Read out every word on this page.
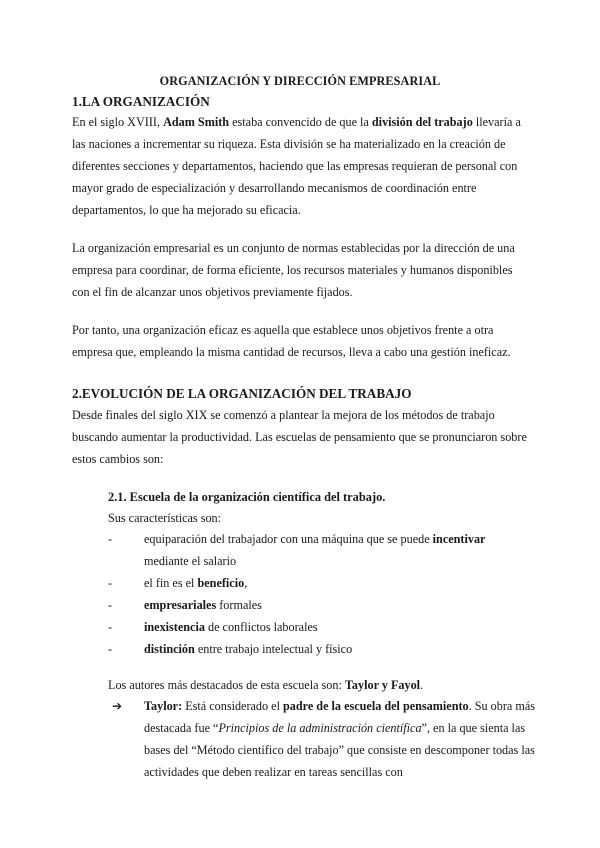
ORGANIZACIÓN Y DIRECCIÓN EMPRESARIAL
1.LA ORGANIZACIÓN

En el siglo XVIII, Adam Smith estaba convencido de que la división del trabajo llevaría a las naciones a incrementar su riqueza. Esta división se ha materializado en la creación de diferentes secciones y departamentos, haciendo que las empresas requieran de personal con mayor grado de especialización y desarrollando mecanismos de coordinación entre departamentos, lo que ha mejorado su eficacia.

La organización empresarial es un conjunto de normas establecidas por la dirección de una empresa para coordinar, de forma eficiente, los recursos materiales y humanos disponibles con el fin de alcanzar unos objetivos previamente fijados.

Por tanto, una organización eficaz es aquella que establece unos objetivos frente a otra empresa que, empleando la misma cantidad de recursos, lleva a cabo una gestión ineficaz.

2.EVOLUCIÓN DE LA ORGANIZACIÓN DEL TRABAJO

Desde finales del siglo XIX se comenzó a plantear la mejora de los métodos de trabajo buscando aumentar la productividad. Las escuelas de pensamiento que se pronunciaron sobre estos cambios son:

2.1. Escuela de la organización científica del trabajo.

Sus características son:

-	equiparación del trabajador con una máquina que se puede incentivar mediante el salario
-	el fin es el beneficio,
-	empresariales formales
-	inexistencia de conflictos laborales
-	distinción entre trabajo intelectual y físico

Los autores más destacados de esta escuela son: Taylor y Fayol.

➔ Taylor: Está considerado el padre de la escuela del pensamiento. Su obra más destacada fue “Principios de la administración científica”, en la que sienta las bases del “Método científico del trabajo” que consiste en descomponer todas las actividades que deben realizar en tareas sencillas con
